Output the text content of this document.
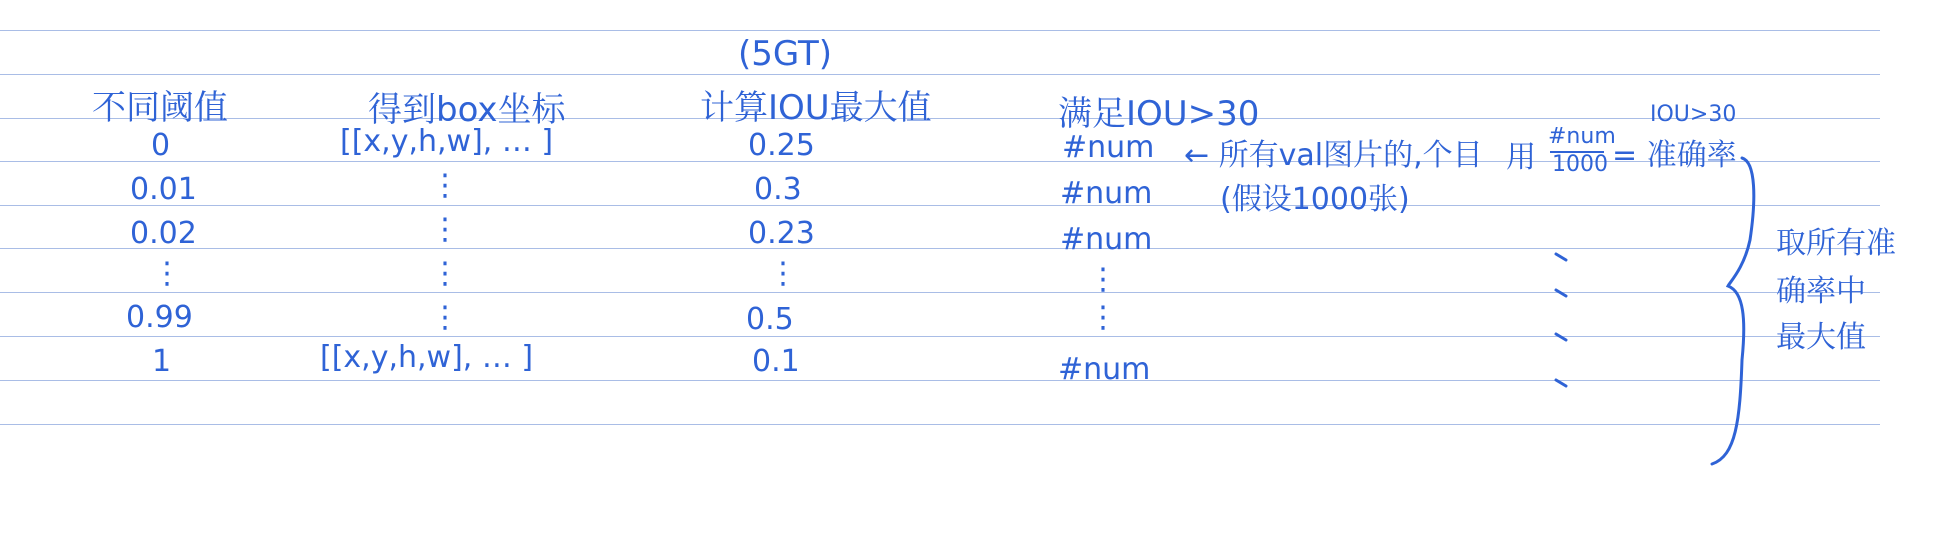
(5GT)
不同阈值	得到box坐标	计算IOU最大值	满足IOU>30
0	[[x,y,h,w], … ]	0.25	#num
0.01	⋮	0.3	#num
0.02	⋮	0.23	#num
⋮	⋮	⋮	⋮
0.99	⋮	0.5	⋮
1	[[x,y,h,w], … ]	0.1	#num
← 所有val图片的,个目
(假设1000张)
用
#num
1000 = 准确率
IOU>30
取所有准
确率中
最大值
